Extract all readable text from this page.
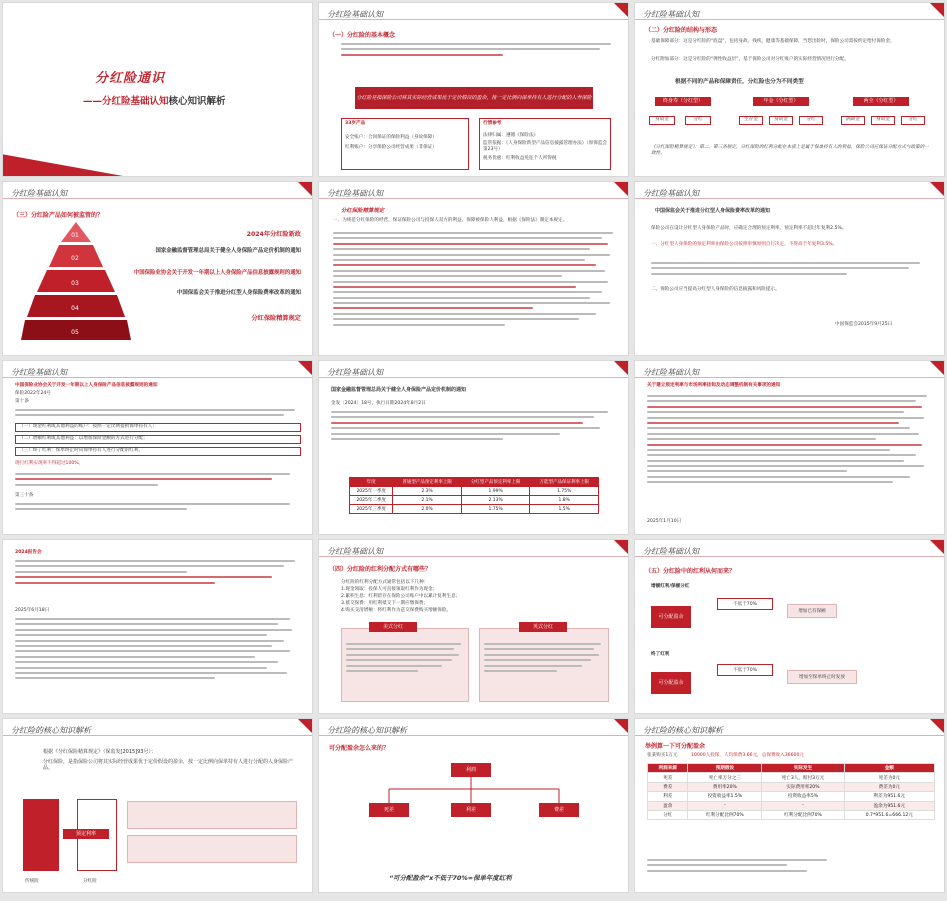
分红险通识
——分红险基础认知核心知识解析
万一网
分红险基础认知
（一）分红险的基本概念
分红险是指保险公司将其实际经营成果优于定价假设的盈余，按一定比例向保单持有人进行分配的人寿保险产品
33岁产品
安全账户：合同保证的保险利益（身故保障）
红利账户：分享保险公司经营成果（非保证）
行情参考
法律归属：遵循《保险法》
监管依据：《人身保险新型产品信息披露管理办法》（原保监会第23号）
税务优惠：红利收益免征个人所得税
分红险基础认知
（二）分红险的结构与形态
基础保障部分：这是分红险的“底盘”，包括身故、残疾、健康等基础保障，当您出险时，保险公司需按约定给付保险金。
分红附加部分：这是分红险的“弹性收益层”，基于保险公司对分红账户的实际经营情况进行分配。
根据不同的产品和保障责任，分红险也分为不同类型
终身寿（分红型）	年金（分红型）	两全（分红型）
身故金	分红	生存金	身故金	分红	满期金	身故金	分红
《分红保险精算规定》：第二、第三条规定，分红保险的红利分配在本质上是属于保单持有人的利益，保险公司应保证分配方式与政策的一致性。
分红险基础认知
（三）分红险产品如何被监管的？
01
02
03
04
05
2024年分红险新政
国家金融监督管理总局关于健全人身保险产品定价机制的通知
中国保险业协会关于开发一年期以上人身保险产品信息披露规则的通知
中国保监会关于推进分红型人身保险费率改革的通知
分红保险精算规定
分红险基础认知
分红保险精算规定
一、为规范分红保险的经营，保证保险公司与投保人双方的利益，保障被保险人利益，根据《保险法》制定本规定。
分红险基础认知
中国保监会关于推进分红型人身保险费率改革的通知
保险公司在设计分红型人身保险产品时，应确定合理的预定利率，预定利率不超过年复利2.5%。
一、分红型人身保险的预定利率由保险公司按照审慎原则自行决定，不得高于年复利3.5%。
二、保险公司应当提高分红型人身保险的信息披露和风险提示。
中国保监会2015年9月25日
分红险基础认知
中国保险业协会关于开发一年期以上人身保险产品信息披露规则的通知
保险2022年24号
第十条
（一）现金红利或其他利益的账户：按照一定比例提供保单持有人；
（二）增额红利或其他利益：以增加保险金额的方式进行分配；
（三）终了红利：保单终止时向保单持有人进行分配的红利。
现行红利实现率不得超过100%。
第三十条
分红险基础认知
国家金融监督管理总局关于健全人身保险产品定价机制的通知
金发〔2024〕18号，执行日期2024年8月2日
年度	普通型产品预定利率上限	分红型产品预定利率上限	万能型产品保证利率上限
2025年一季度	2.3%	1.99%	1.75%
2025年二季度	2.1%	2.13%	1.8%
2025年三季度	2.0%	1.75%	1.5%
分红险基础认知
关于建立预定利率与市场利率挂钩及动态调整机制有关事项的通知
2025年1月10日
2024报告会
2025年6月18日
分红险基础认知
（四）分红险的红利分配方式有哪些？
分红险的红利分配方式通常包括以下几种：
1.现金领取：投保人可直接领取红利作为现金；
2.累积生息：红利留存在保险公司账户中以累计复利生息；
3.抵交保费：用红利抵交下一期应缴保费；
4.购买交清增额：将红利作为趸交保费购买增额保险。
美式分红	英式分红
分红险基础认知
（五）分红险中的红利从何而来？
增额红利/保额分红
可分配盈余
不低于70%
增加已有保额
终了红利
可分配盈余
不低于70%
增加至保单终止时发放
分红险的核心知识解析
根据《分红保险精算规定》（保监发[2015]93号）：
分红保险，是指保险公司将其实际经营成果优于定价假设的盈余，按一定比例向保单持有人进行分配的人身保险产品。
预定利率
传统险	分红险
分红险的核心知识解析
可分配盈余怎么来的？
利润
死差	利差	费差
“可分配盈余”x不低于70%=保单年度红利
分红险的核心知识解析
举例算一下可分配盈余
张某购买1万元	10000人投保，人均保费3.66元，总保费收入36600元
利润来源	预期假设	实际发生	金额
死差	死亡率万分之三	死亡3人，赔付3万元	死差为0元
费差	费用率20%	实际费用率20%	费差为0元
利差	投资收益率1.5%	投资收益率5%	利差为951.6元
盈余	-	-	盈余为951.6元
分红	红利分配比例70%	红利分配比例70%	0.7*951.6=666.12元
